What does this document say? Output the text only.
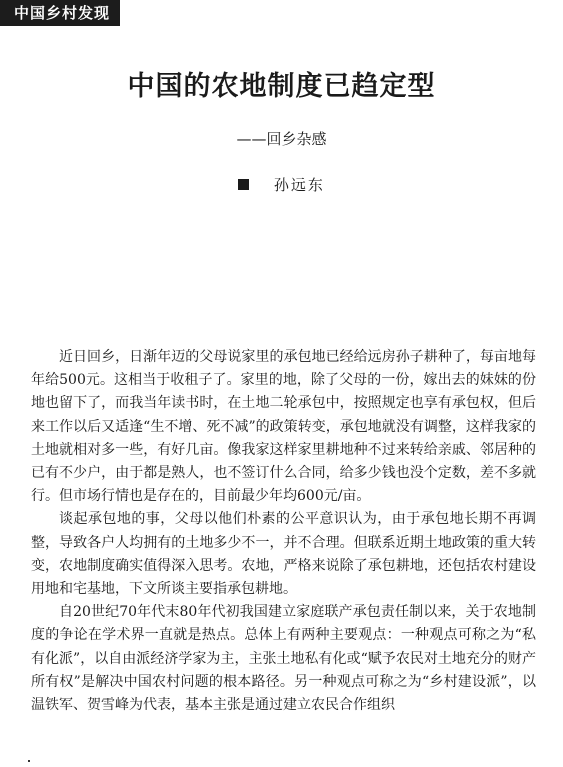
中国乡村发现
中国的农地制度已趋定型
——回乡杂感
孙远东

近日回乡，日渐年迈的父母说家里的承包地已经给远房孙子耕种了，每亩地每年给500元。这相当于收租子了。家里的地，除了父母的一份，嫁出去的妹妹的份地也留下了，而我当年读书时，在土地二轮承包中，按照规定也享有承包权，但后来工作以后又适逢“生不增、死不减”的政策转变，承包地就没有调整，这样我家的土地就相对多一些，有好几亩。像我家这样家里耕地种不过来转给亲戚、邻居种的已有不少户，由于都是熟人，也不签订什么合同，给多少钱也没个定数，差不多就行。但市场行情也是存在的，目前最少年均600元/亩。

谈起承包地的事，父母以他们朴素的公平意识认为，由于承包地长期不再调整，导致各户人均拥有的土地多少不一，并不合理。但联系近期土地政策的重大转变，农地制度确实值得深入思考。农地，严格来说除了承包耕地，还包括农村建设用地和宅基地，下文所谈主要指承包耕地。

自20世纪70年代末80年代初我国建立家庭联产承包责任制以来，关于农地制度的争论在学术界一直就是热点。总体上有两种主要观点：一种观点可称之为“私有化派”，以自由派经济学家为主，主张土地私有化或“赋予农民对土地充分的财产所有权”是解决中国农村问题的根本路径。另一种观点可称之为“乡村建设派”，以温铁军、贺雪峰为代表，基本主张是通过建立农民合作组织
